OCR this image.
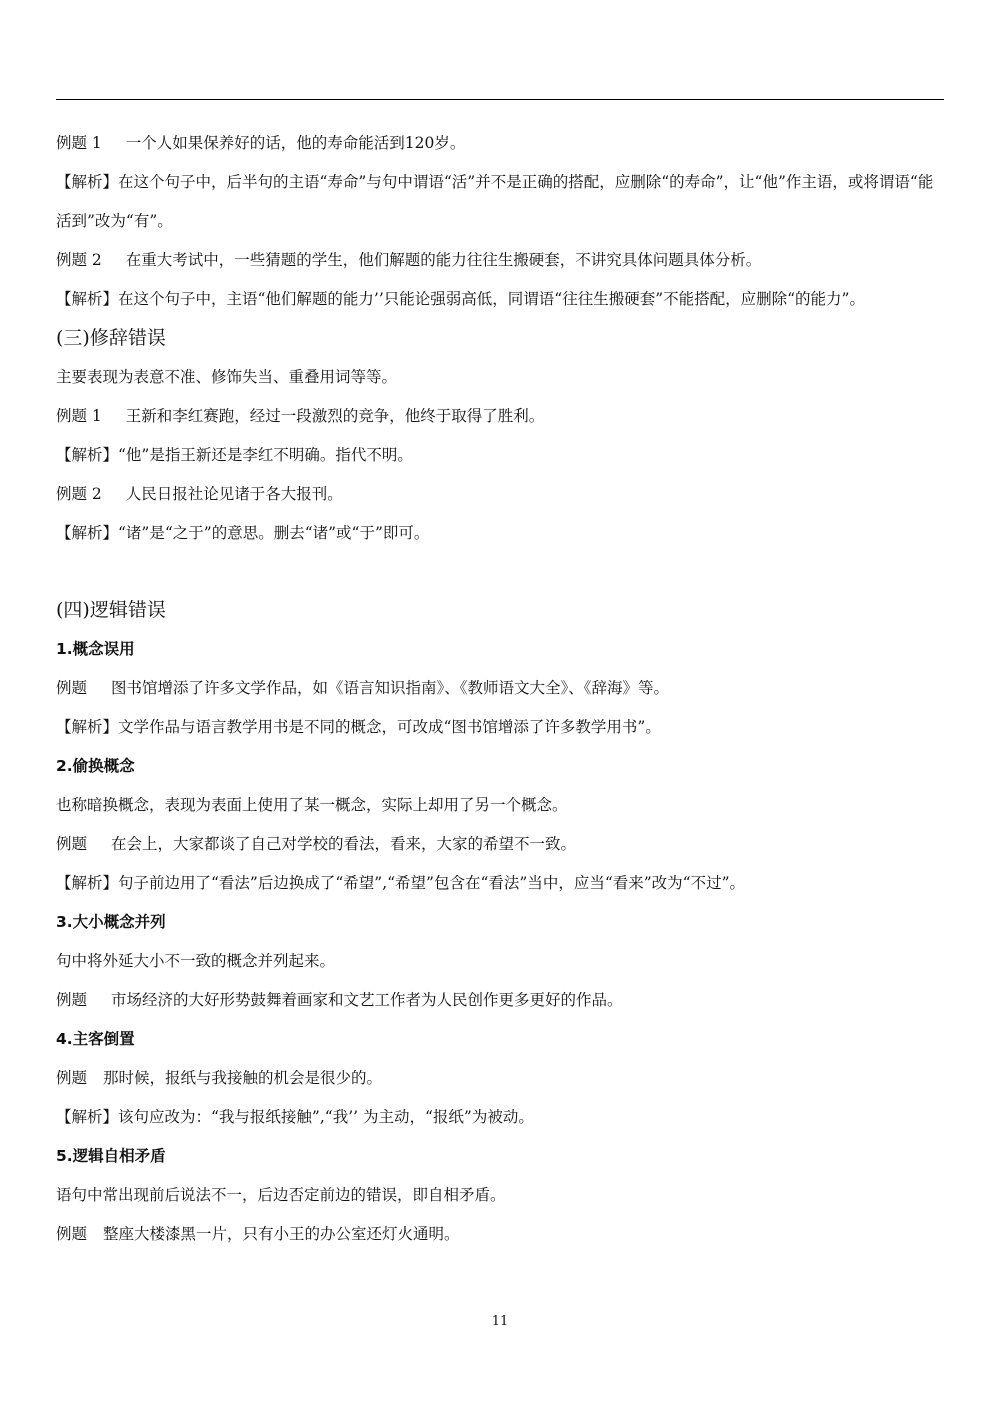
例题 1 一个人如果保养好的话，他的寿命能活到120岁。
【解析】在这个句子中，后半句的主语“寿命”与句中谓语“活”并不是正确的搭配，应删除“的寿命”，让“他”作主语，或将谓语“能活到”改为“有”。
例题 2 在重大考试中，一些猜题的学生，他们解题的能力往往生搬硬套，不讲究具体问题具体分析。
【解析】在这个句子中，主语“他们解题的能力’’只能论强弱高低，同谓语“往往生搬硬套”不能搭配，应删除“的能力”。
(三)修辞错误
主要表现为表意不准、修饰失当、重叠用词等等。
例题 1 王新和李红赛跑，经过一段激烈的竞争，他终于取得了胜利。
【解析】“他”是指王新还是李红不明确。指代不明。
例题 2 人民日报社论见诸于各大报刊。
【解析】“诸”是“之于”的意思。删去“诸”或“于”即可。
(四)逻辑错误
1.概念误用
例题 图书馆增添了许多文学作品，如《语言知识指南》、《教师语文大全》、《辞海》等。
【解析】文学作品与语言教学用书是不同的概念，可改成“图书馆增添了许多教学用书”。
2.偷换概念
也称暗换概念，表现为表面上使用了某一概念，实际上却用了另一个概念。
例题 在会上，大家都谈了自己对学校的看法，看来，大家的希望不一致。
【解析】句子前边用了“看法”后边换成了“希望”,“希望”包含在“看法”当中，应当“看来”改为“不过”。
3.大小概念并列
句中将外延大小不一致的概念并列起来。
例题 市场经济的大好形势鼓舞着画家和文艺工作者为人民创作更多更好的作品。
4.主客倒置
例题 那时候，报纸与我接触的机会是很少的。
【解析】该句应改为：“我与报纸接触”,“我’’ 为主动，“报纸”为被动。
5.逻辑自相矛盾
语句中常出现前后说法不一，后边否定前边的错误，即自相矛盾。
例题 整座大楼漆黑一片，只有小王的办公室还灯火通明。
11
